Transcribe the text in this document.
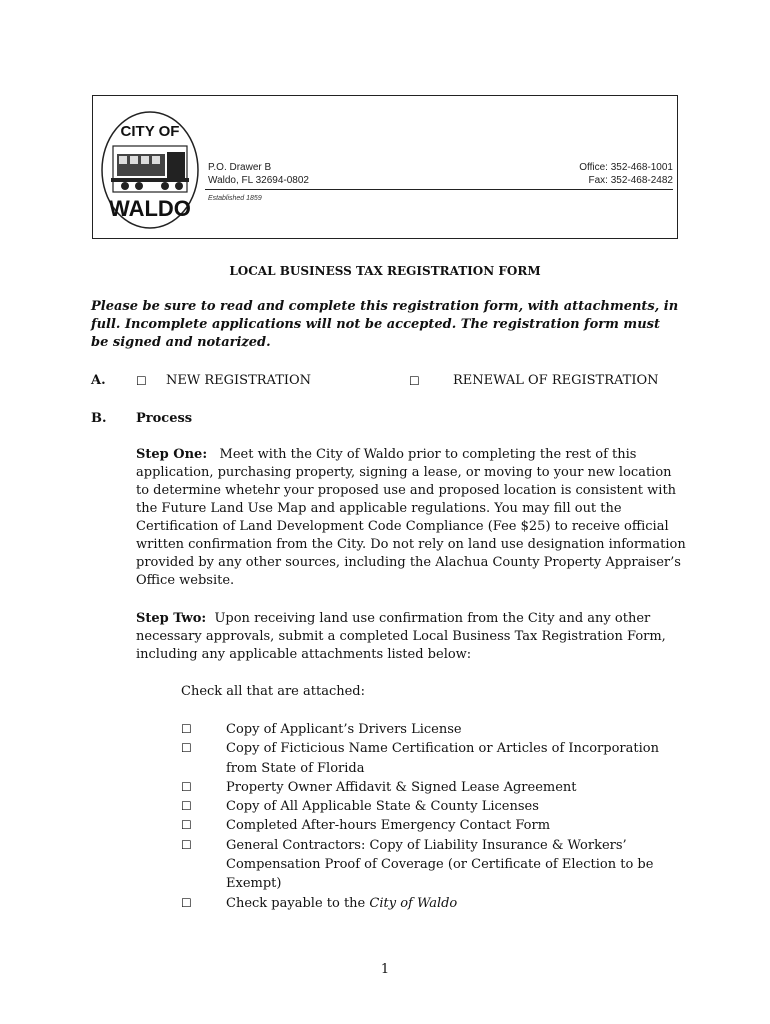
CITY OF
WALDO
P.O. Drawer B
Waldo, FL 32694-0802
Office: 352-468-1001
Fax: 352-468-2482
Established 1859
LOCAL BUSINESS TAX REGISTRATION FORM
Please be sure to read and complete this registration form, with attachments, in full. Incomplete applications will not be accepted. The registration form must be signed and notarized.
A.	☐ NEW REGISTRATION	☐	RENEWAL OF REGISTRATION
B. Process
Step One: Meet with the City of Waldo prior to completing the rest of this application, purchasing property, signing a lease, or moving to your new location to determine whetehr your proposed use and proposed location is consistent with the Future Land Use Map and applicable regulations. You may fill out the Certification of Land Development Code Compliance (Fee $25) to receive official written confirmation from the City. Do not rely on land use designation information provided by any other sources, including the Alachua County Property Appraiser’s Office website.
Step Two: Upon receiving land use confirmation from the City and any other necessary approvals, submit a completed Local Business Tax Registration Form, including any applicable attachments listed below:
Check all that are attached:
☐	Copy of Applicant’s Drivers License
☐	Copy of Ficticious Name Certification or Articles of Incorporation from State of Florida
☐	Property Owner Affidavit & Signed Lease Agreement
☐	Copy of All Applicable State & County Licenses
☐	Completed After-hours Emergency Contact Form
☐	General Contractors: Copy of Liability Insurance & Workers’ Compensation Proof of Coverage (or Certificate of Election to be Exempt)
☐	Check payable to the City of Waldo
1
